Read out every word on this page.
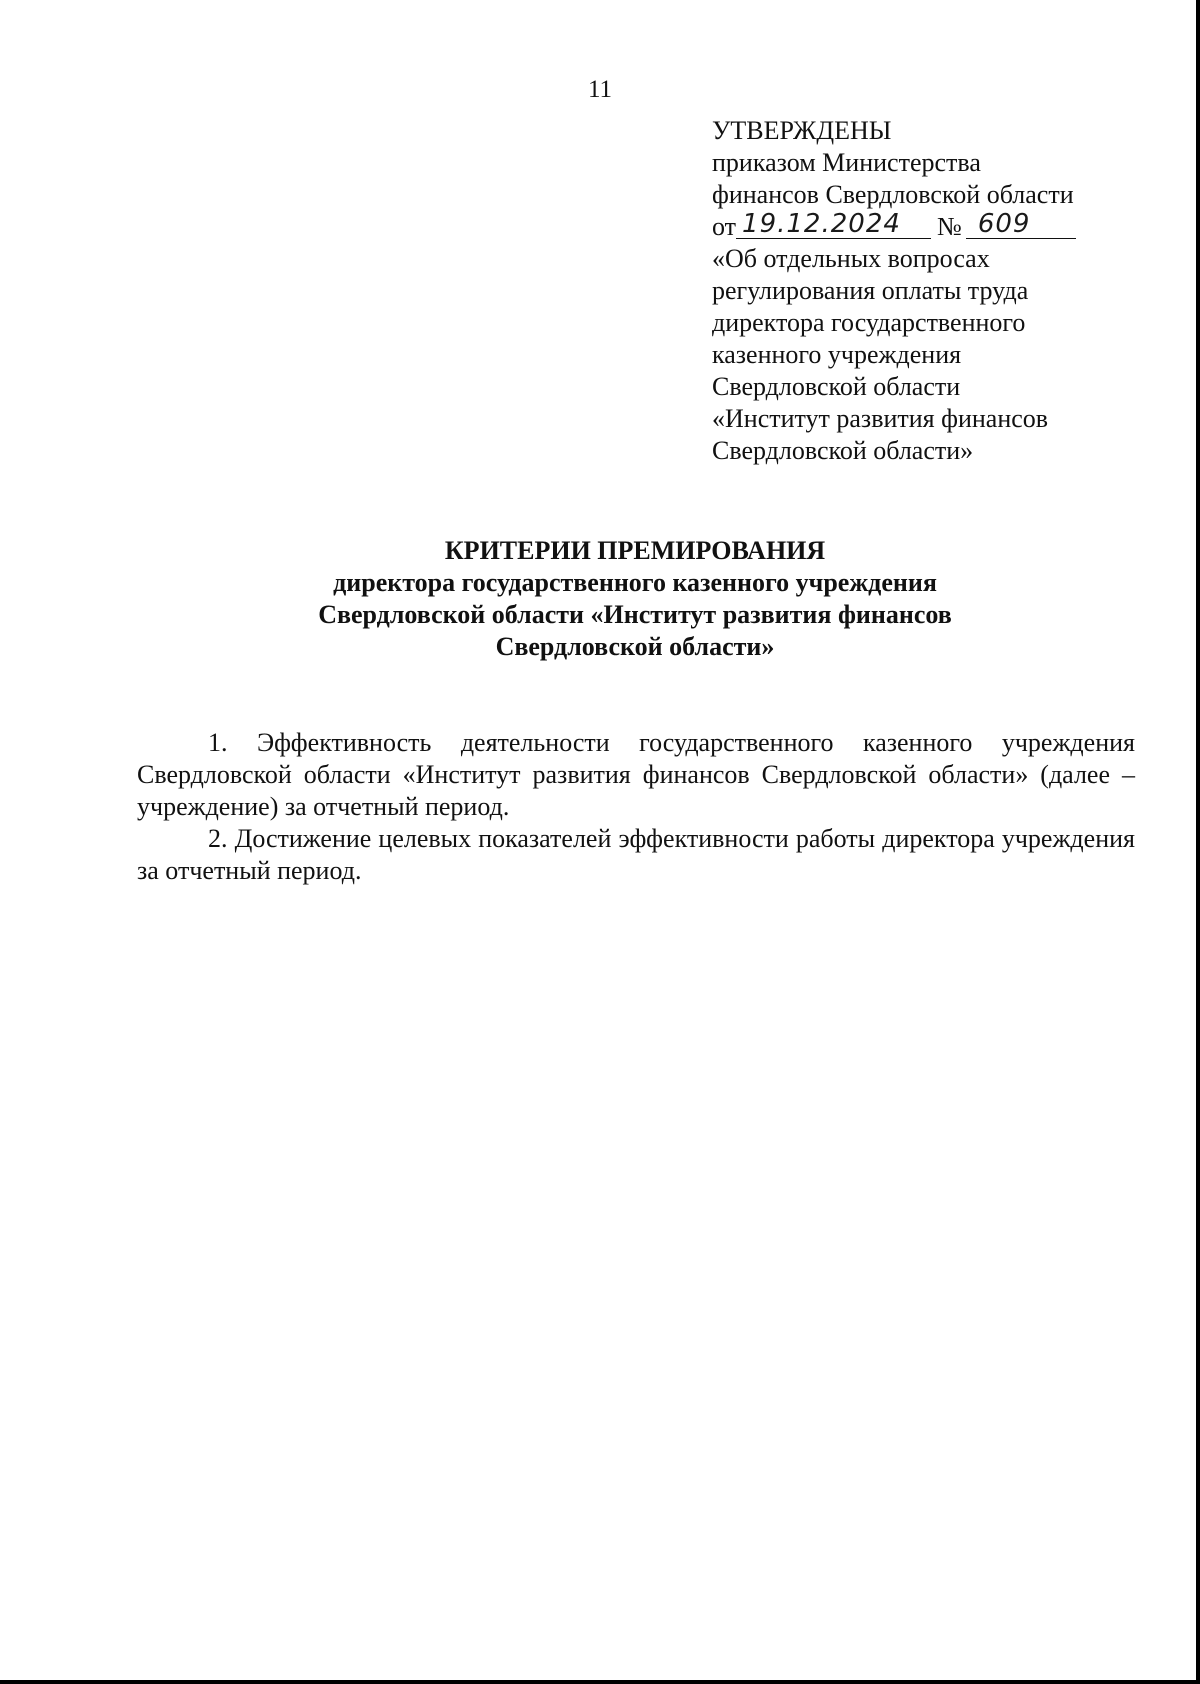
11
УТВЕРЖДЕНЫ
приказом Министерства
финансов Свердловской области
от 19.12.2024	№ 609
«Об отдельных вопросах
регулирования оплаты труда
директора государственного
казенного учреждения
Свердловской области
«Институт развития финансов
Свердловской области»
КРИТЕРИИ ПРЕМИРОВАНИЯ
директора государственного казенного учреждения
Свердловской области «Институт развития финансов
Свердловской области»

1. Эффективность деятельности государственного казенного учреждения Свердловской области «Институт развития финансов Свердловской области» (далее – учреждение) за отчетный период.

2. Достижение целевых показателей эффективности работы директора учреждения за отчетный период.
